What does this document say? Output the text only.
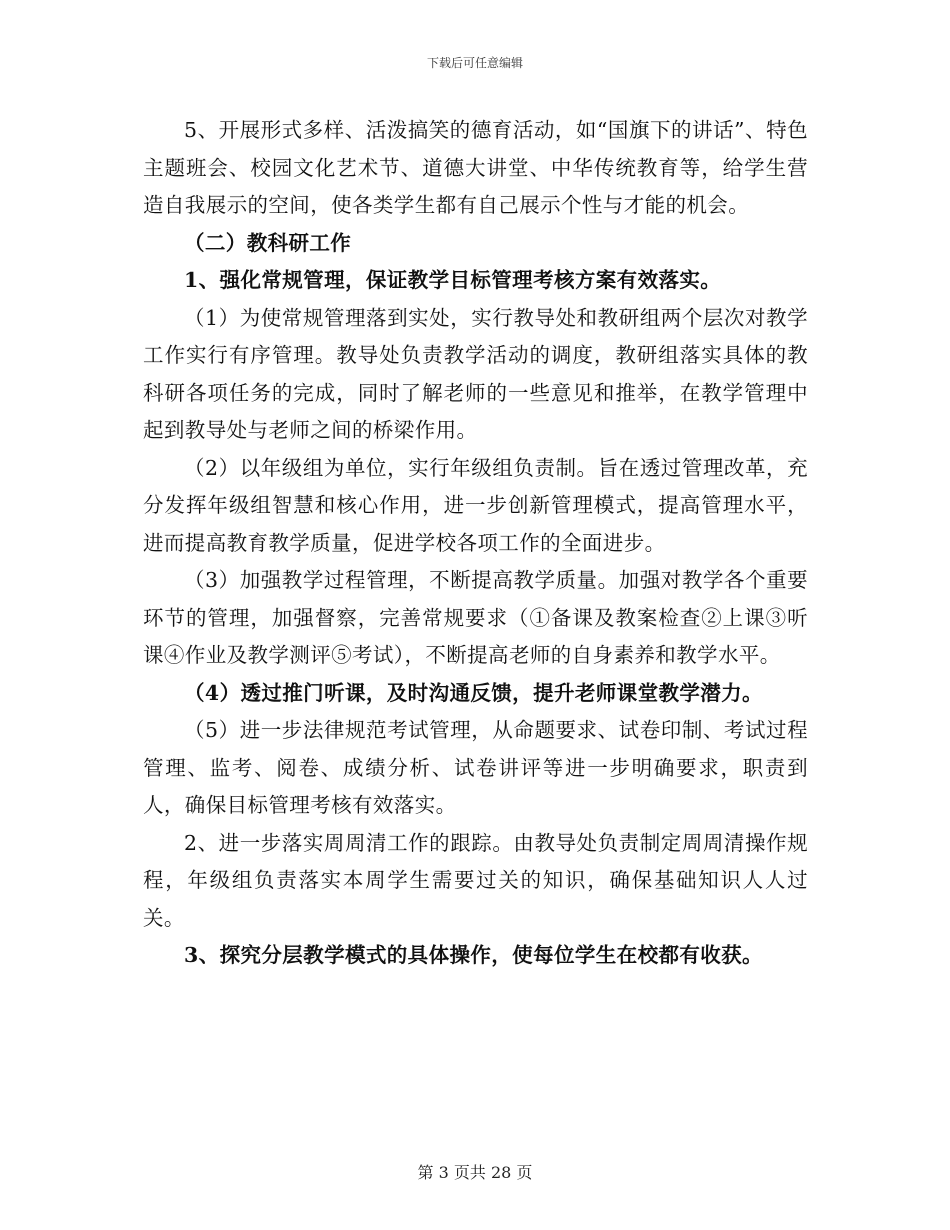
下载后可任意编辑

5、开展形式多样、活泼搞笑的德育活动，如“国旗下的讲话”、特色主题班会、校园文化艺术节、道德大讲堂、中华传统教育等，给学生营造自我展示的空间，使各类学生都有自己展示个性与才能的机会。

（二）教科研工作

1、强化常规管理，保证教学目标管理考核方案有效落实。

（1）为使常规管理落到实处，实行教导处和教研组两个层次对教学工作实行有序管理。教导处负责教学活动的调度，教研组落实具体的教科研各项任务的完成，同时了解老师的一些意见和推举，在教学管理中起到教导处与老师之间的桥梁作用。

（2）以年级组为单位，实行年级组负责制。旨在透过管理改革，充分发挥年级组智慧和核心作用，进一步创新管理模式，提高管理水平，进而提高教育教学质量，促进学校各项工作的全面进步。

（3）加强教学过程管理，不断提高教学质量。加强对教学各个重要环节的管理，加强督察，完善常规要求（①备课及教案检查②上课③听课④作业及教学测评⑤考试），不断提高老师的自身素养和教学水平。

（4）透过推门听课，及时沟通反馈，提升老师课堂教学潜力。

（5）进一步法律规范考试管理，从命题要求、试卷印制、考试过程管理、监考、阅卷、成绩分析、试卷讲评等进一步明确要求，职责到人，确保目标管理考核有效落实。

2、进一步落实周周清工作的跟踪。由教导处负责制定周周清操作规程，年级组负责落实本周学生需要过关的知识，确保基础知识人人过关。

3、探究分层教学模式的具体操作，使每位学生在校都有收获。

第 3 页共 28 页
